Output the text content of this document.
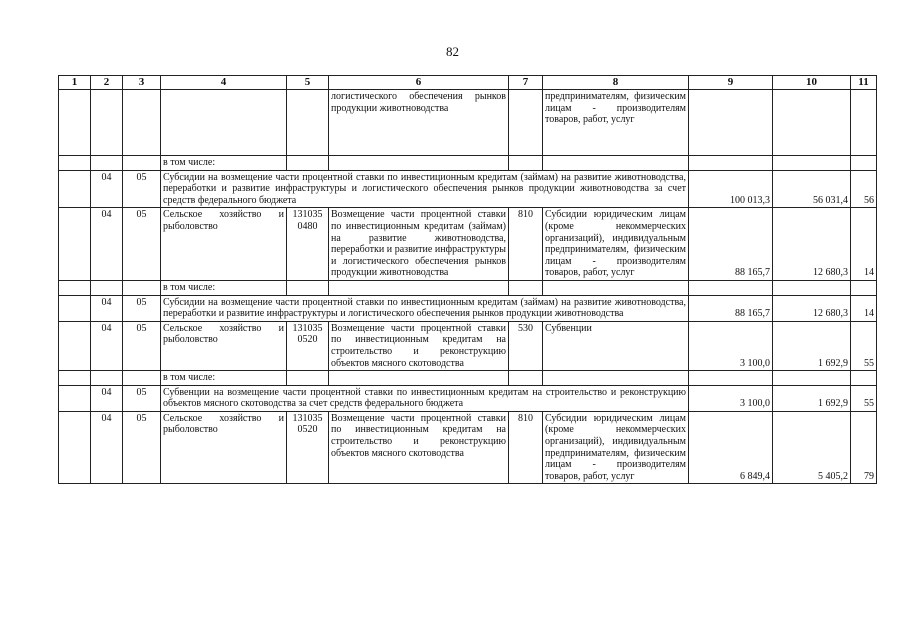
82
1	2	3	4	5	6	7	8	9	10	11
					логистического обеспечения рынков продукции животноводства		предпринимателям, физическим лицам - производителям товаров, работ, услуг			
			в том числе:							
	04	05	Субсидии на возмещение части процентной ставки по инвестиционным кредитам (займам) на развитие животноводства, переработки и развитие инфраструктуры и логистического обеспечения рынков продукции животноводства за счет средств федерального бюджета					100 013,3	56 031,4	56
	04	05	Сельское хозяйство и рыболовство	131035 0480	Возмещение части процентной ставки по инвестиционным кредитам (займам) на развитие животноводства, переработки и развитие инфраструктуры и логистического обеспечения рынков продукции животноводства	810	Субсидии юридическим лицам (кроме некоммерческих организаций), индивидуальным предпринимателям, физическим лицам - производителям товаров, работ, услуг	88 165,7	12 680,3	14
			в том числе:							
	04	05	Субсидии на возмещение части процентной ставки по инвестиционным кредитам (займам) на развитие животноводства, переработки и развитие инфраструктуры и логистического обеспечения рынков продукции животноводства					88 165,7	12 680,3	14
	04	05	Сельское хозяйство и рыболовство	131035 0520	Возмещение части процентной ставки по инвестиционным кредитам на строительство и реконструкцию объектов мясного скотоводства	530	Субвенции	3 100,0	1 692,9	55
			в том числе:							
	04	05	Субвенции на возмещение части процентной ставки по инвестиционным кредитам на строительство и реконструкцию объектов мясного скотоводства за счет средств федерального бюджета					3 100,0	1 692,9	55
	04	05	Сельское хозяйство и рыболовство	131035 0520	Возмещение части процентной ставки по инвестиционным кредитам на строительство и реконструкцию объектов мясного скотоводства	810	Субсидии юридическим лицам (кроме некоммерческих организаций), индивидуальным предпринимателям, физическим лицам - производителям товаров, работ, услуг	6 849,4	5 405,2	79
